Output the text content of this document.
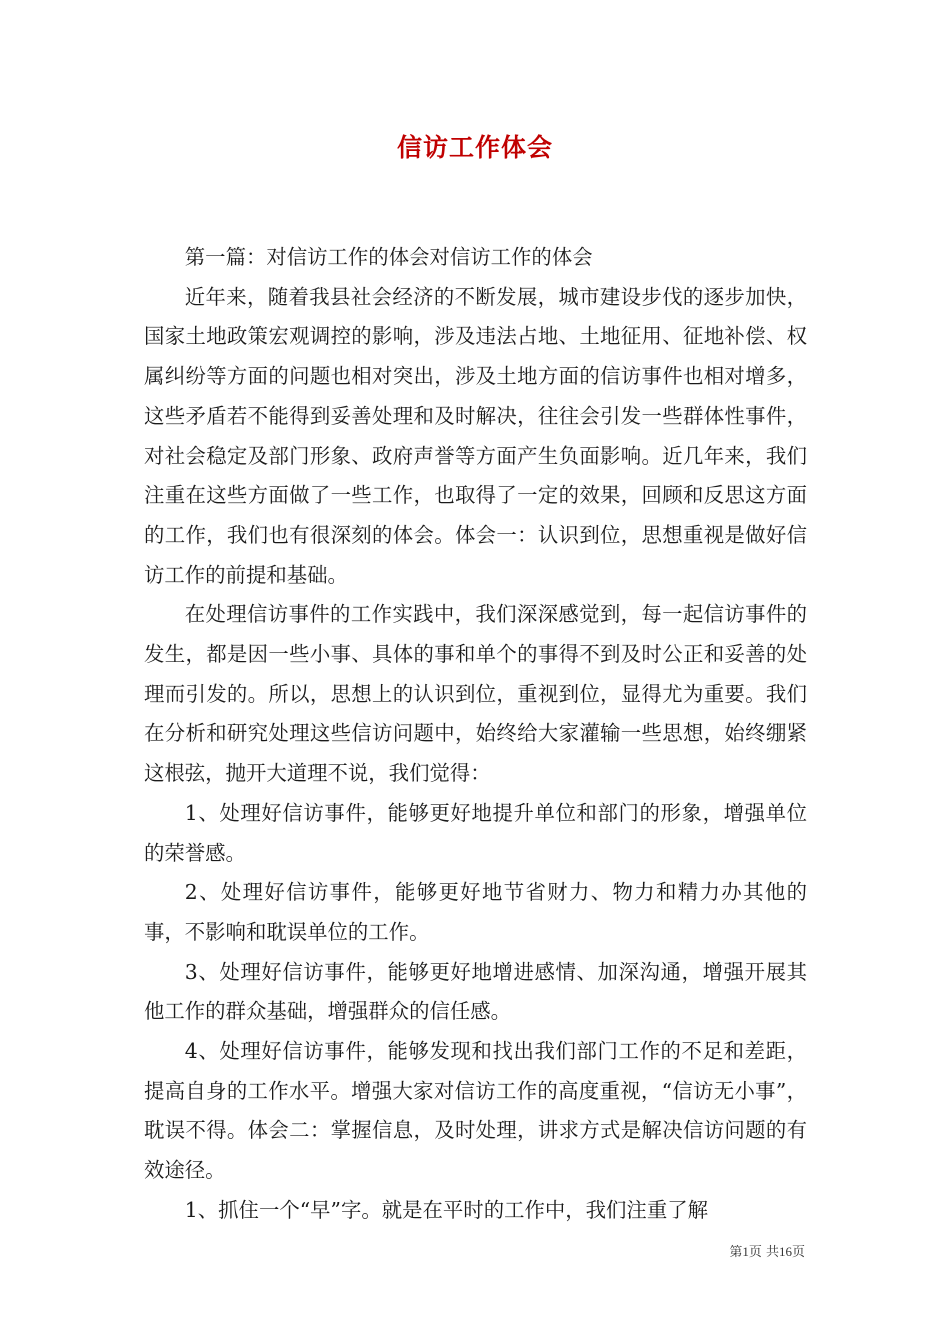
信访工作体会

第一篇：对信访工作的体会对信访工作的体会

近年来，随着我县社会经济的不断发展，城市建设步伐的逐步加快，国家土地政策宏观调控的影响，涉及违法占地、土地征用、征地补偿、权属纠纷等方面的问题也相对突出，涉及土地方面的信访事件也相对增多，这些矛盾若不能得到妥善处理和及时解决，往往会引发一些群体性事件，对社会稳定及部门形象、政府声誉等方面产生负面影响。近几年来，我们注重在这些方面做了一些工作，也取得了一定的效果，回顾和反思这方面的工作，我们也有很深刻的体会。体会一：认识到位，思想重视是做好信访工作的前提和基础。

在处理信访事件的工作实践中，我们深深感觉到，每一起信访事件的发生，都是因一些小事、具体的事和单个的事得不到及时公正和妥善的处理而引发的。所以，思想上的认识到位，重视到位，显得尤为重要。我们在分析和研究处理这些信访问题中，始终给大家灌输一些思想，始终绷紧这根弦，抛开大道理不说，我们觉得：

1、处理好信访事件，能够更好地提升单位和部门的形象，增强单位的荣誉感。

2、处理好信访事件，能够更好地节省财力、物力和精力办其他的事，不影响和耽误单位的工作。

3、处理好信访事件，能够更好地增进感情、加深沟通，增强开展其他工作的群众基础，增强群众的信任感。

4、处理好信访事件，能够发现和找出我们部门工作的不足和差距，提高自身的工作水平。增强大家对信访工作的高度重视，“信访无小事”，耽误不得。体会二：掌握信息，及时处理，讲求方式是解决信访问题的有效途径。

1、抓住一个“早”字。就是在平时的工作中，我们注重了解

第1页 共16页
